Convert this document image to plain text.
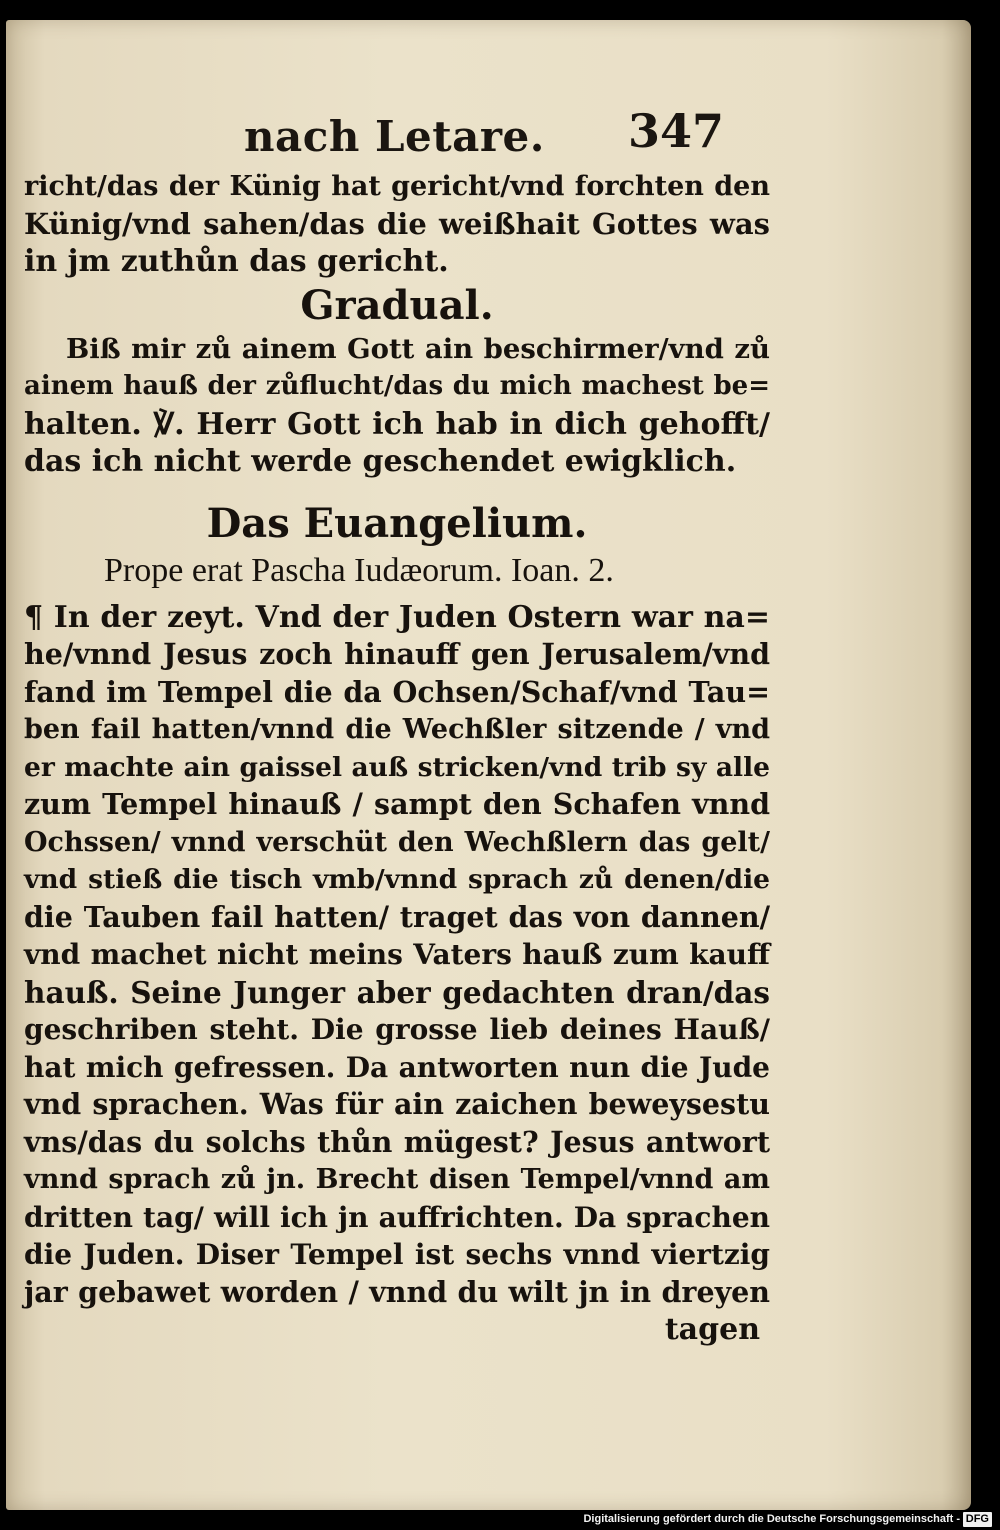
nach Letare. 347
richt/das der Künig hat gericht/vnd forchten den
Künig/vnd sahen/das die weißhait Gottes was
in jm zuthůn das gericht.
Gradual.
Biß mir zů ainem Gott ain beschirmer/vnd zů
ainem hauß der zůflucht/das du mich machest be=
halten. ℣. Herr Gott ich hab in dich gehofft/
das ich nicht werde geschendet ewigklich.
Das Euangelium.
Prope erat Pascha Iudæorum. Ioan. 2.
¶ In der zeyt. Vnd der Juden Ostern war na=
he/vnnd Jesus zoch hinauff gen Jerusalem/vnd
fand im Tempel die da Ochsen/Schaf/vnd Tau=
ben fail hatten/vnnd die Wechßler sitzende / vnd
er machte ain gaissel auß stricken/vnd trib sy alle
zum Tempel hinauß / sampt den Schafen vnnd
Ochssen/ vnnd verschüt den Wechßlern das gelt/
vnd stieß die tisch vmb/vnnd sprach zů denen/die
die Tauben fail hatten/ traget das von dannen/
vnd machet nicht meins Vaters hauß zum kauff
hauß. Seine Junger aber gedachten dran/das
geschriben steht. Die grosse lieb deines Hauß/
hat mich gefressen. Da antworten nun die Jude
vnd sprachen. Was für ain zaichen beweysestu
vns/das du solchs thůn mügest? Jesus antwort
vnnd sprach zů jn. Brecht disen Tempel/vnnd am
dritten tag/ will ich jn auffrichten. Da sprachen
die Juden. Diser Tempel ist sechs vnnd viertzig
jar gebawet worden / vnnd du wilt jn in dreyen
tagen
Digitalisierung gefördert durch die Deutsche Forschungsgemeinschaft - DFG
